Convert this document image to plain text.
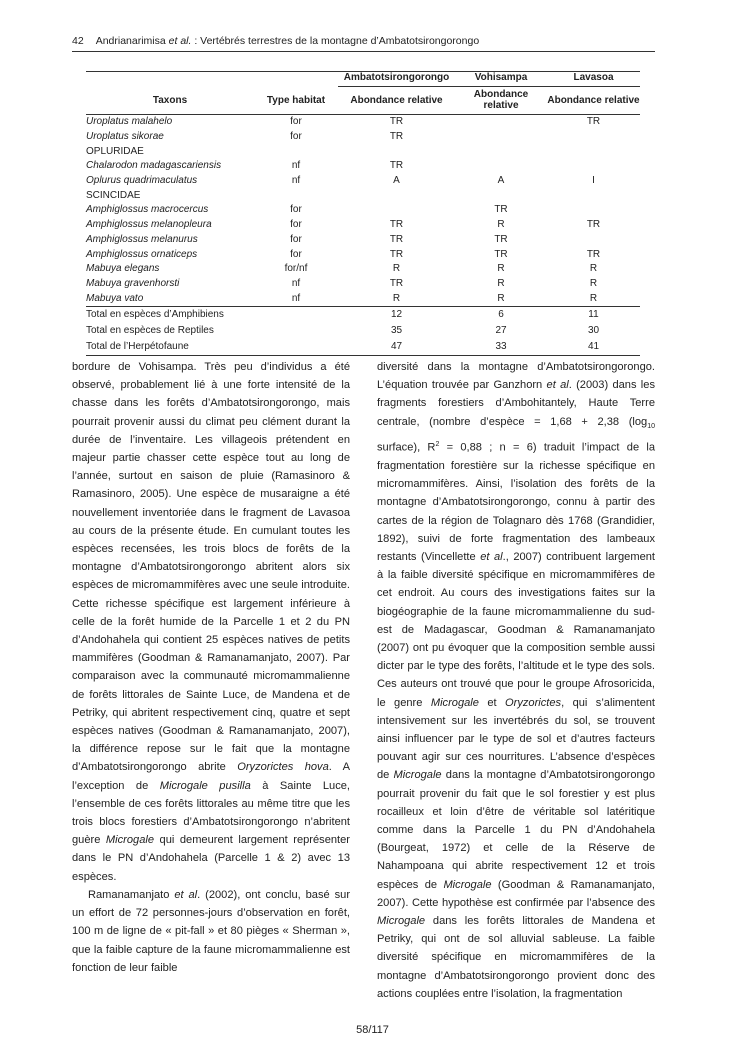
42 Andrianarimisa et al. : Vertébrés terrestres de la montagne d’Ambatotsirongorongo
		Ambatotsirongorongo	Vohisampa	Lavasoa
Taxons	Type habitat	Abondance relative	Abondance relative	Abondance relative
Uroplatus malahelo	for	TR		TR
Uroplatus sikorae	for	TR		
OPLURIDAE				
Chalarodon madagascariensis	nf	TR		
Oplurus quadrimaculatus	nf	A	A	I
SCINCIDAE				
Amphiglossus macrocercus	for		TR	
Amphiglossus melanopleura	for	TR	R	TR
Amphiglossus melanurus	for	TR	TR	
Amphiglossus ornaticeps	for	TR	TR	TR
Mabuya elegans	for/nf	R	R	R
Mabuya gravenhorsti	nf	TR	R	R
Mabuya vato	nf	R	R	R
Total en espèces d’Amphibiens		12	6	11
Total en espèces de Reptiles		35	27	30
Total de l’Herpétofaune		47	33	41

bordure de Vohisampa. Très peu d’individus a été observé, probablement lié à une forte intensité de la chasse dans les forêts d’Ambatotsirongorongo, mais pourrait provenir aussi du climat peu clément durant la durée de l’inventaire. Les villageois prétendent en majeur partie chasser cette espèce tout au long de l’année, surtout en saison de pluie (Ramasinoro & Ramasinoro, 2005). Une espèce de musaraigne a été nouvellement inventoriée dans le fragment de Lavasoa au cours de la présente étude. En cumulant toutes les espèces recensées, les trois blocs de forêts de la montagne d’Ambatotsirongorongo abritent alors six espèces de micromammifères avec une seule introduite. Cette richesse spécifique est largement inférieure à celle de la forêt humide de la Parcelle 1 et 2 du PN d’Andohahela qui contient 25 espèces natives de petits mammifères (Goodman & Ramanamanjato, 2007). Par comparaison avec la communauté micromammalienne de forêts littorales de Sainte Luce, de Mandena et de Petriky, qui abritent respectivement cinq, quatre et sept espèces natives (Goodman & Ramanamanjato, 2007), la différence repose sur le fait que la montagne d’Ambatotsirongorongo abrite Oryzorictes hova. A l’exception de Microgale pusilla à Sainte Luce, l’ensemble de ces forêts littorales au même titre que les trois blocs forestiers d’Ambatotsirongorongo n’abritent guère Microgale qui demeurent largement représenter dans le PN d’Andohahela (Parcelle 1 & 2) avec 13 espèces.

Ramanamanjato et al. (2002), ont conclu, basé sur un effort de 72 personnes-jours d’observation en forêt, 100 m de ligne de « pit-fall » et 80 pièges « Sherman », que la faible capture de la faune micromammalienne est fonction de leur faible

diversité dans la montagne d’Ambatotsirongorongo. L’équation trouvée par Ganzhorn et al. (2003) dans les fragments forestiers d’Ambohitantely, Haute Terre centrale, (nombre d’espèce = 1,68 + 2,38 ($\log_{10}$ surface), $R^2 = 0,88$ ; n = 6) traduit l’impact de la fragmentation forestière sur la richesse spécifique en micromammifères. Ainsi, l’isolation des forêts de la montagne d’Ambatotsirongorongo, connu à partir des cartes de la région de Tolagnaro dès 1768 (Grandidier, 1892), suivi de forte fragmentation des lambeaux restants (Vincellette et al., 2007) contribuent largement à la faible diversité spécifique en micromammifères de cet endroit. Au cours des investigations faites sur la biogéographie de la faune micromammalienne du sud-est de Madagascar, Goodman & Ramanamanjato (2007) ont pu évoquer que la composition semble aussi dicter par le type des forêts, l’altitude et le type des sols. Ces auteurs ont trouvé que pour le groupe Afrosoricida, le genre Microgale et Oryzorictes, qui s’alimentent intensivement sur les invertébrés du sol, se trouvent ainsi influencer par le type de sol et d’autres facteurs pouvant agir sur ces nourritures. L’absence d’espèces de Microgale dans la montagne d’Ambatotsirongorongo pourrait provenir du fait que le sol forestier y est plus rocailleux et loin d’être de véritable sol latéritique comme dans la Parcelle 1 du PN d’Andohahela (Bourgeat, 1972) et celle de la Réserve de Nahampoana qui abrite respectivement 12 et trois espèces de Microgale (Goodman & Ramanamanjato, 2007). Cette hypothèse est confirmée par l’absence des Microgale dans les forêts littorales de Mandena et Petriky, qui ont de sol alluvial sableuse. La faible diversité spécifique en micromammifères de la montagne d’Ambatotsirongorongo provient donc des actions couplées entre l’isolation, la fragmentation

58/117
